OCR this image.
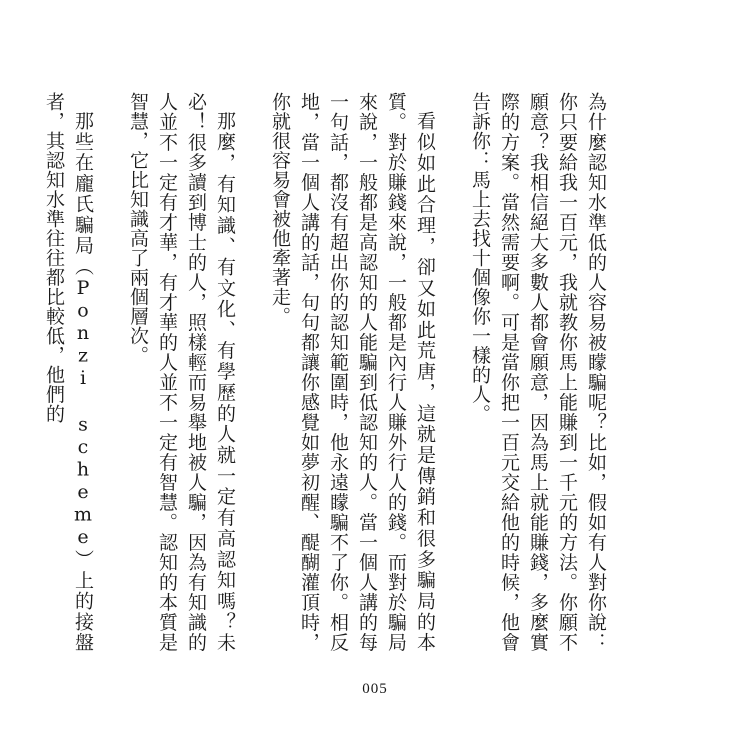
為什麼認知水準低的人容易被矇騙呢？比如，假如有人對你說：你只要給我一百元，我就教你馬上能賺到一千元的方法。你願不願意？我相信絕大多數人都會願意，因為馬上就能賺錢，多麼實際的方案。當然需要啊。可是當你把一百元交給他的時候，他會告訴你：馬上去找十個像你一樣的人。

看似如此合理，卻又如此荒唐，這就是傳銷和很多騙局的本質。對於賺錢來說，一般都是內行人賺外行人的錢。而對於騙局來說，一般都是高認知的人能騙到低認知的人。當一個人講的每一句話，都沒有超出你的認知範圍時，他永遠矇騙不了你。相反地，當一個人講的話，句句都讓你感覺如夢初醒、醍醐灌頂時，你就很容易會被他牽著走。

那麼，有知識、有文化、有學歷的人就一定有高認知嗎？未必！很多讀到博士的人，照樣輕而易舉地被人騙，因為有知識的人並不一定有才華，有才華的人並不一定有智慧。認知的本質是智慧，它比知識高了兩個層次。

那些在龐氏騙局（Ponzi scheme）上的接盤者，其認知水準往往都比較低，他們的

005
